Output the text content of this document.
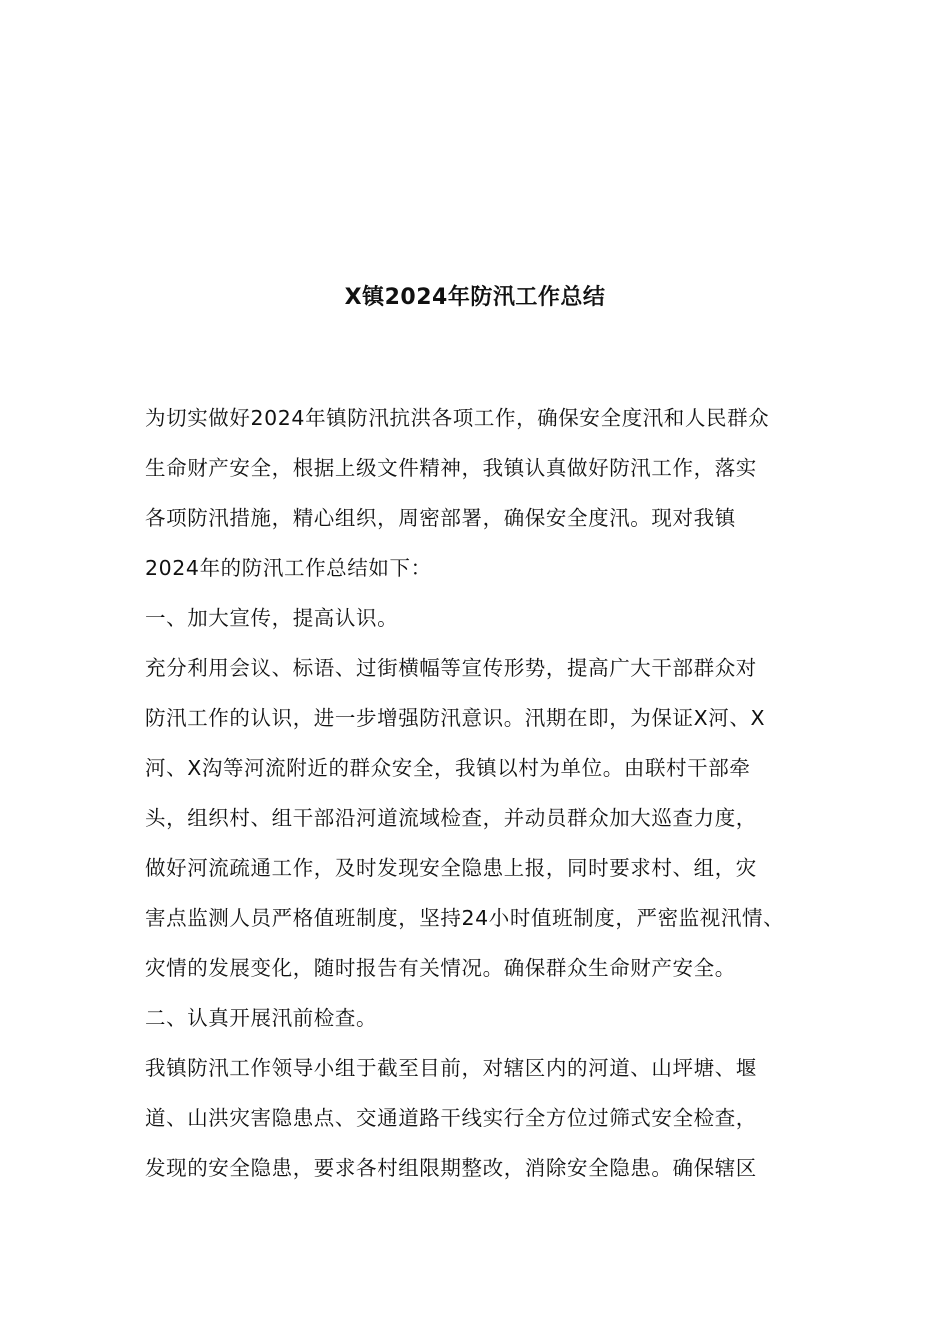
X镇2024年防汛工作总结
为切实做好2024年镇防汛抗洪各项工作，确保安全度汛和人民群众
生命财产安全，根据上级文件精神，我镇认真做好防汛工作，落实
各项防汛措施，精心组织，周密部署，确保安全度汛。现对我镇
2024年的防汛工作总结如下：
一、加大宣传，提高认识。
充分利用会议、标语、过街横幅等宣传形势，提高广大干部群众对
防汛工作的认识，进一步增强防汛意识。汛期在即，为保证X河、X
河、X沟等河流附近的群众安全，我镇以村为单位。由联村干部牵
头，组织村、组干部沿河道流域检查，并动员群众加大巡查力度，
做好河流疏通工作，及时发现安全隐患上报，同时要求村、组，灾
害点监测人员严格值班制度，坚持24小时值班制度，严密监视汛情、
灾情的发展变化，随时报告有关情况。确保群众生命财产安全。
二、认真开展汛前检查。
我镇防汛工作领导小组于截至目前，对辖区内的河道、山坪塘、堰
道、山洪灾害隐患点、交通道路干线实行全方位过筛式安全检查，
发现的安全隐患，要求各村组限期整改，消除安全隐患。确保辖区
